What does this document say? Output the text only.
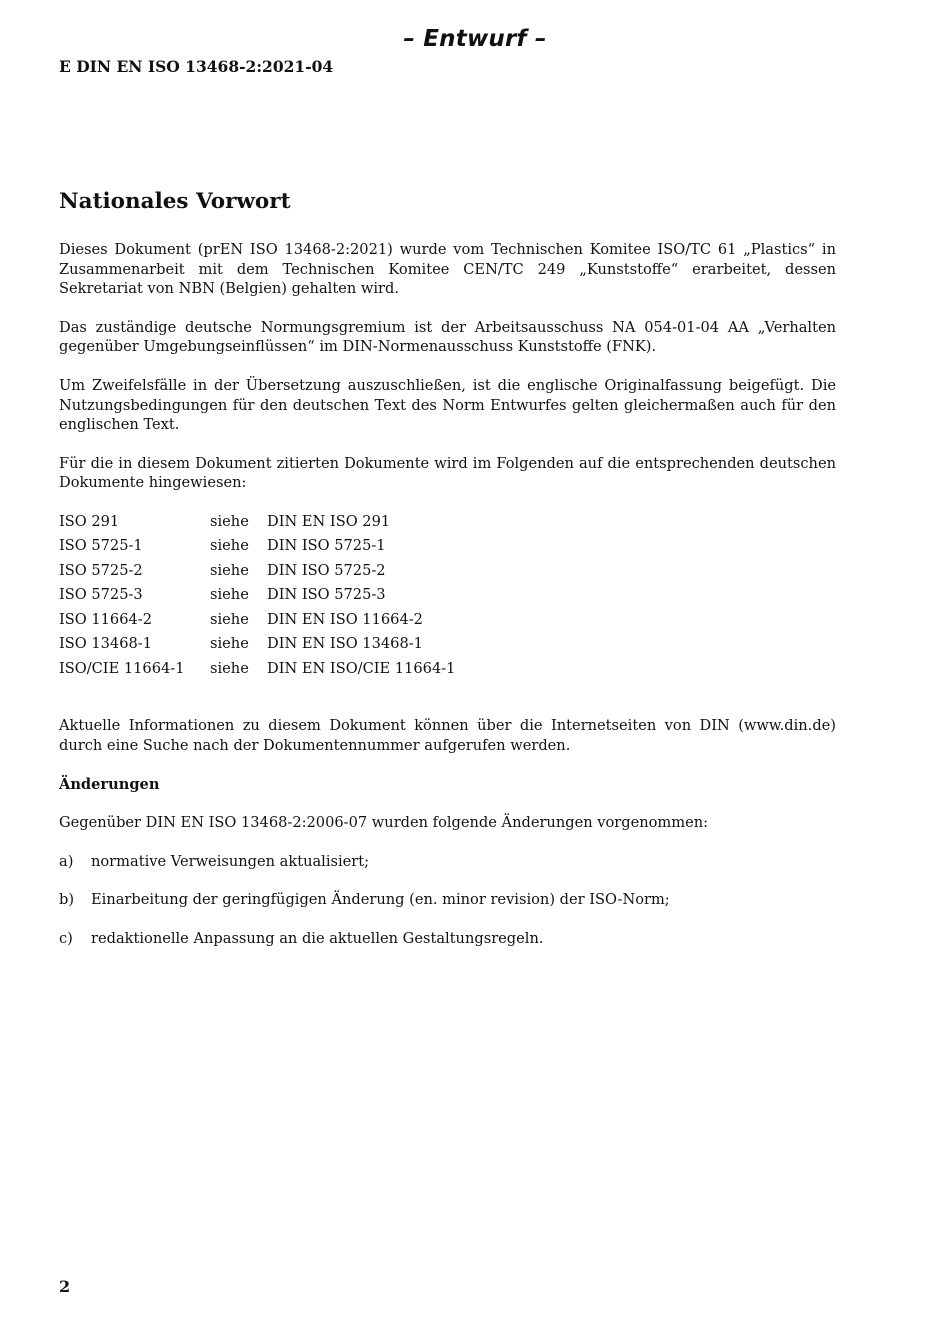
– Entwurf –
E DIN EN ISO 13468-2:2021-04
Nationales Vorwort

Dieses Dokument (prEN ISO 13468-2:2021) wurde vom Technischen Komitee ISO/TC 61 „Plastics“ in Zusammenarbeit mit dem Technischen Komitee CEN/TC 249 „Kunststoffe“ erarbeitet, dessen Sekretariat von NBN (Belgien) gehalten wird.

Das zuständige deutsche Normungsgremium ist der Arbeitsausschuss NA 054-01-04 AA „Verhalten gegenüber Umgebungseinflüssen“ im DIN-Normenausschuss Kunststoffe (FNK).

Um Zweifelsfälle in der Übersetzung auszuschließen, ist die englische Originalfassung beigefügt. Die Nutzungsbedingungen für den deutschen Text des Norm Entwurfes gelten gleichermaßen auch für den englischen Text.

Für die in diesem Dokument zitierten Dokumente wird im Folgenden auf die entsprechenden deutschen Dokumente hingewiesen:

ISO 291	siehe	DIN EN ISO 291
ISO 5725-1	siehe	DIN ISO 5725-1
ISO 5725-2	siehe	DIN ISO 5725-2
ISO 5725-3	siehe	DIN ISO 5725-3
ISO 11664-2	siehe	DIN EN ISO 11664-2
ISO 13468-1	siehe	DIN EN ISO 13468-1
ISO/CIE 11664-1	siehe	DIN EN ISO/CIE 11664-1

Aktuelle Informationen zu diesem Dokument können über die Internetseiten von DIN (www.din.de) durch eine Suche nach der Dokumentennummer aufgerufen werden.

Änderungen

Gegenüber DIN EN ISO 13468-2:2006-07 wurden folgende Änderungen vorgenommen:

a)	normative Verweisungen aktualisiert;
b)	Einarbeitung der geringfügigen Änderung (en. minor revision) der ISO-Norm;
c)	redaktionelle Anpassung an die aktuellen Gestaltungsregeln.
2
